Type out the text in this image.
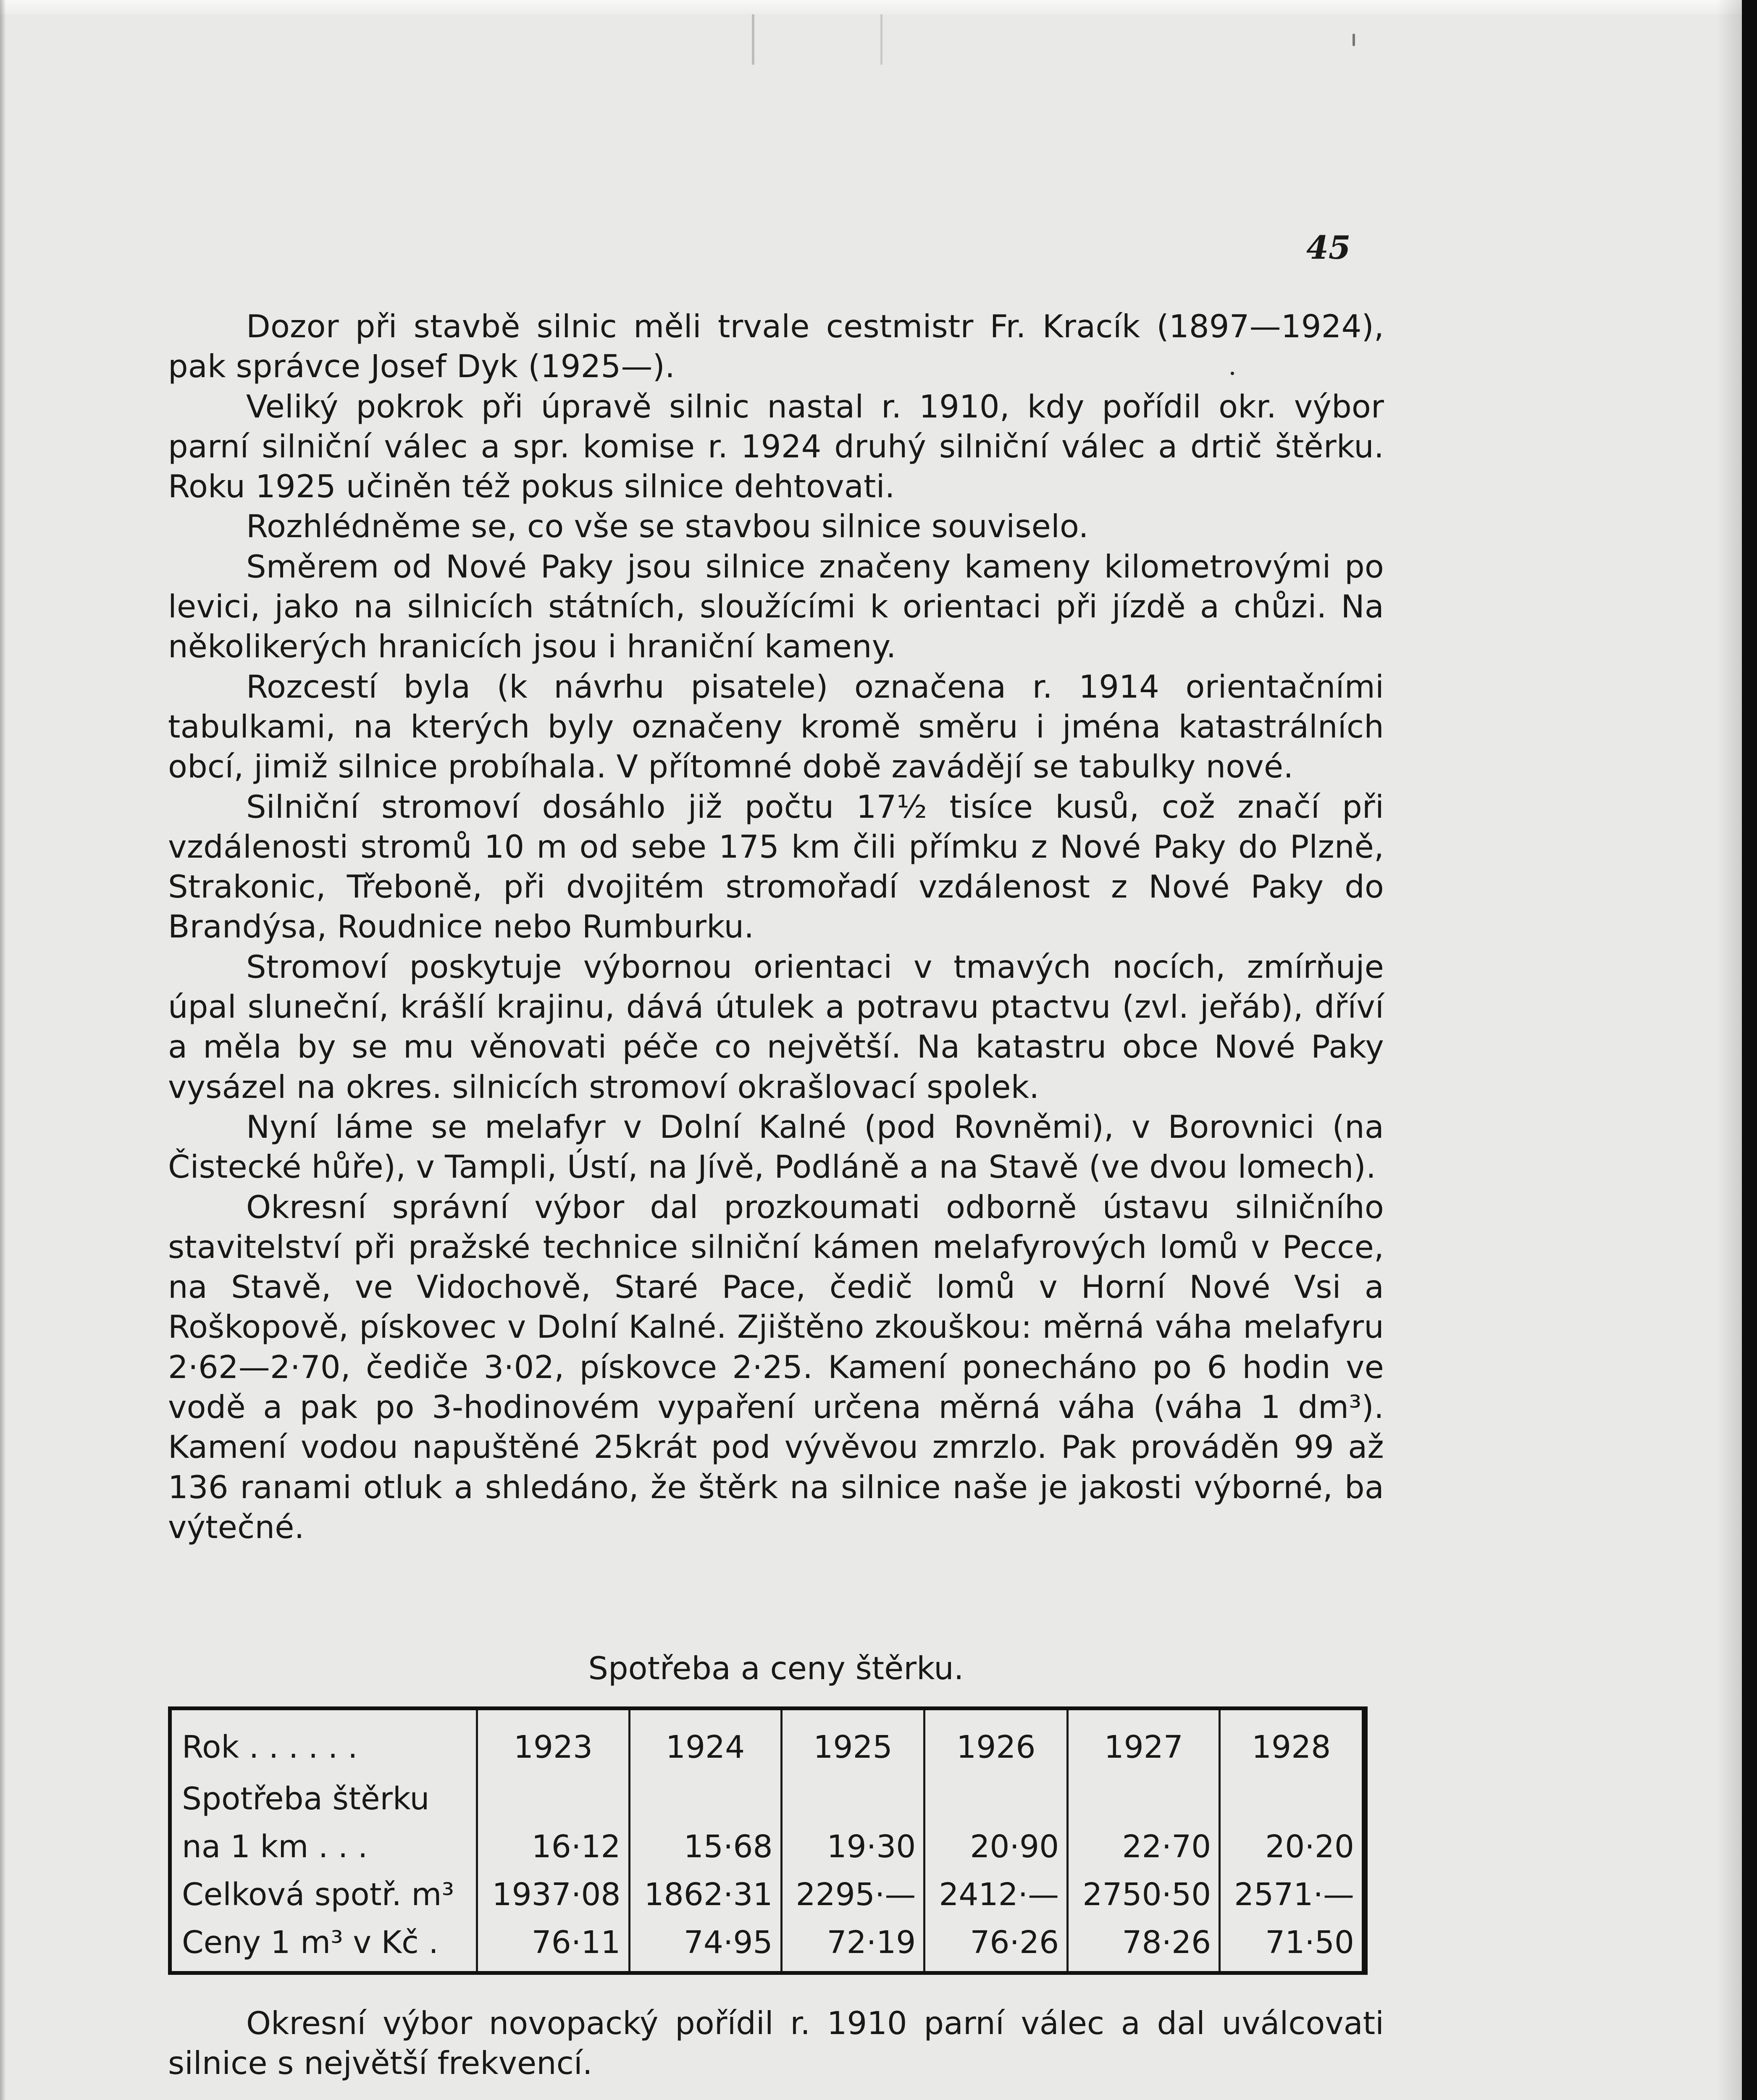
45

Dozor při stavbě silnic měli trvale cestmistr Fr. Kracík (1897—1924), pak správce Josef Dyk (1925—).

Veliký pokrok při úpravě silnic nastal r. 1910, kdy pořídil okr. výbor parní silniční válec a spr. komise r. 1924 druhý silniční válec a drtič štěrku. Roku 1925 učiněn též pokus silnice dehtovati.

Rozhlédněme se, co vše se stavbou silnice souviselo.

Směrem od Nové Paky jsou silnice značeny kameny kilometrovými po levici, jako na silnicích státních, sloužícími k orientaci při jízdě a chůzi. Na několikerých hranicích jsou i hraniční kameny.

Rozcestí byla (k návrhu pisatele) označena r. 1914 orientačními tabulkami, na kterých byly označeny kromě směru i jména katastrálních obcí, jimiž silnice probíhala. V přítomné době zavádějí se tabulky nové.

Silniční stromoví dosáhlo již počtu 17½ tisíce kusů, což značí při vzdálenosti stromů 10 m od sebe 175 km čili přímku z Nové Paky do Plzně, Strakonic, Třeboně, při dvojitém stromořadí vzdálenost z Nové Paky do Brandýsa, Roudnice nebo Rumburku.

Stromoví poskytuje výbornou orientaci v tmavých nocích, zmírňuje úpal sluneční, krášlí krajinu, dává útulek a potravu ptactvu (zvl. jeřáb), dříví a měla by se mu věnovati péče co největší. Na katastru obce Nové Paky vysázel na okres. silnicích stromoví okrašlovací spolek.

Nyní láme se melafyr v Dolní Kalné (pod Rovněmi), v Borovnici (na Čistecké hůře), v Tampli, Ústí, na Jívě, Podláně a na Stavě (ve dvou lomech).

Okresní správní výbor dal prozkoumati odborně ústavu silničního stavitelství při pražské technice silniční kámen melafyrových lomů v Pecce, na Stavě, ve Vidochově, Staré Pace, čedič lomů v Horní Nové Vsi a Roškopově, pískovec v Dolní Kalné. Zjištěno zkouškou: měrná váha melafyru 2·62—2·70, čediče 3·02, pískovce 2·25. Kamení ponecháno po 6 hodin ve vodě a pak po 3-hodinovém vypaření určena měrná váha (váha 1 dm³). Kamení vodou napuštěné 25krát pod vývěvou zmrzlo. Pak prováděn 99 až 136 ranami otluk a shledáno, že štěrk na silnice naše je jakosti výborné, ba výtečné.

Spotřeba a ceny štěrku.
Rok . . . . . .	1923	1924	1925	1926	1927	1928
Spotřeba štěrku						
na 1 km . . .	16·12	15·68	19·30	20·90	22·70	20·20
Celková spotř. m³	1937·08	1862·31	2295·—	2412·—	2750·50	2571·—
Ceny 1 m³ v Kč .	76·11	74·95	72·19	76·26	78·26	71·50

Okresní výbor novopacký pořídil r. 1910 parní válec a dal uválcovati silnice s největší frekvencí.
